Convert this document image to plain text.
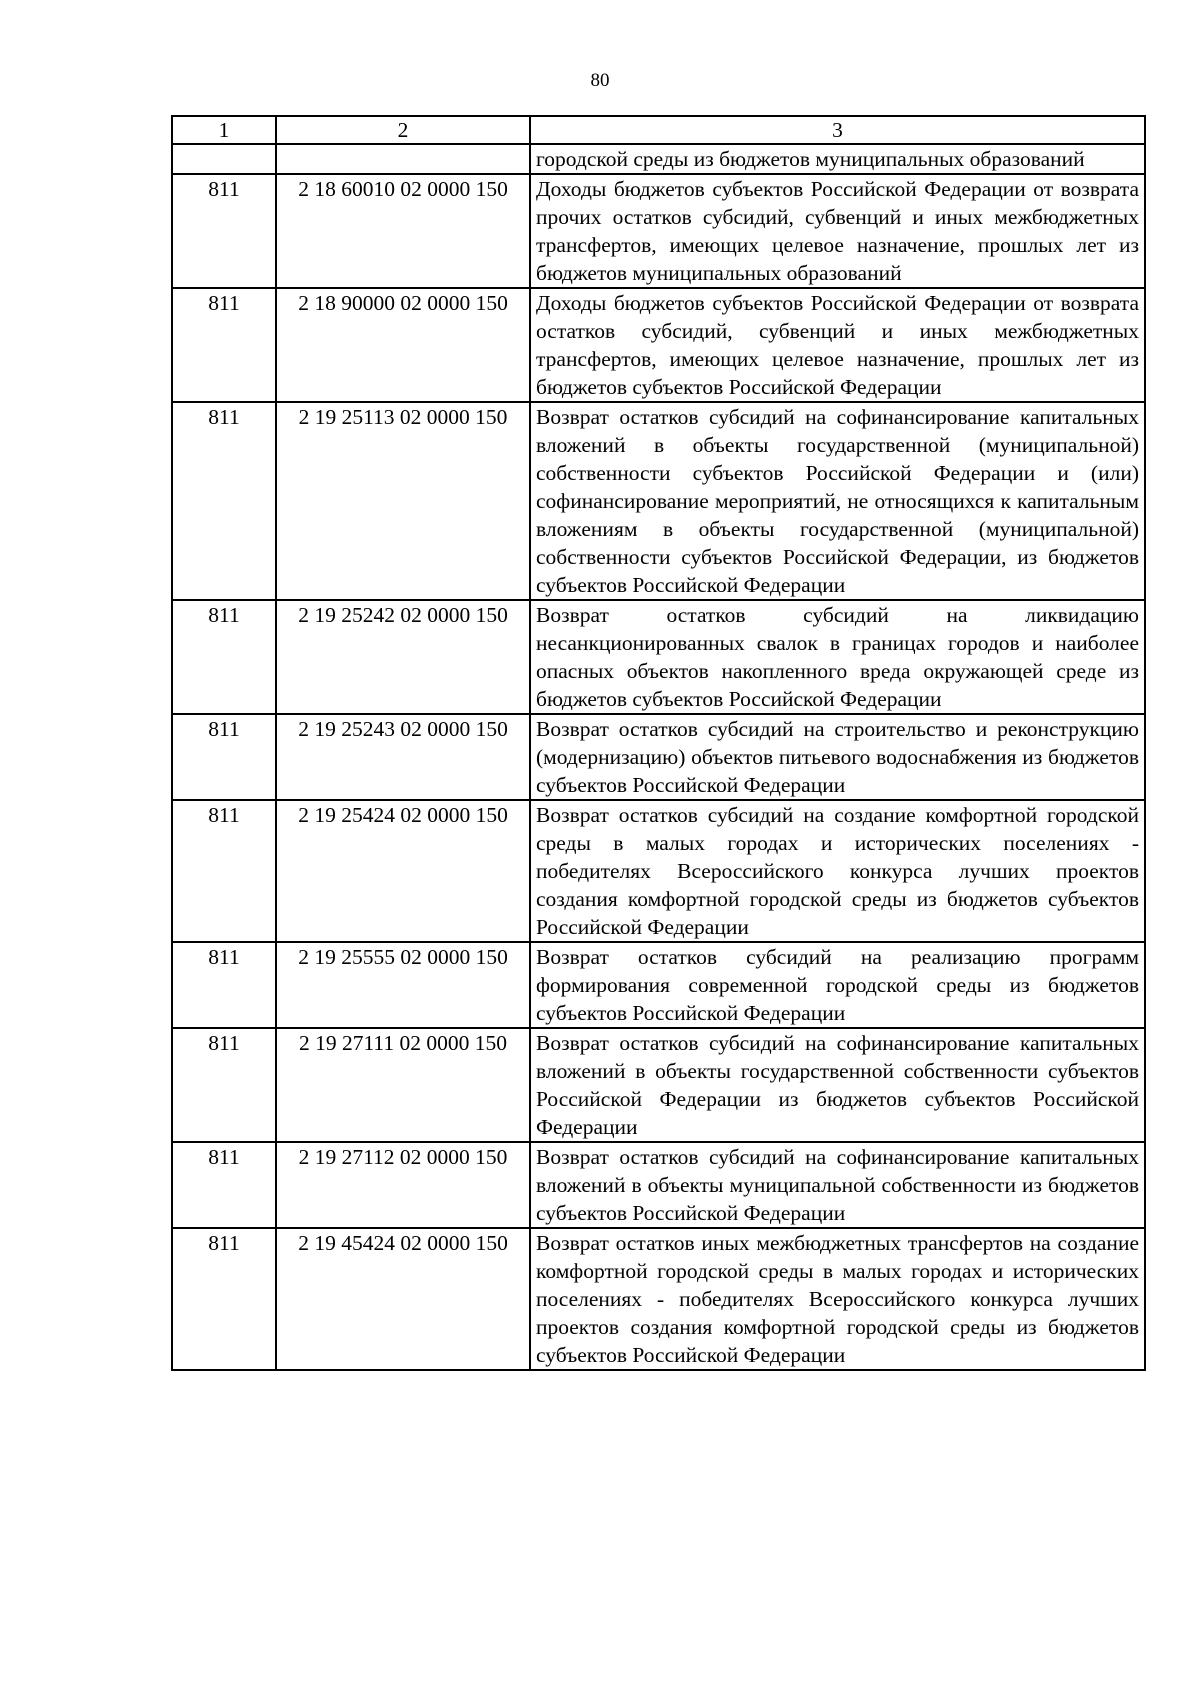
80
1	2	3
		городской среды из бюджетов муниципальных образований
811	2 18 60010 02 0000 150	Доходы бюджетов субъектов Российской Федерации от возврата прочих остатков субсидий, субвенций и иных межбюджетных трансфертов, имеющих целевое назначение, прошлых лет из бюджетов муниципальных образований
811	2 18 90000 02 0000 150	Доходы бюджетов субъектов Российской Федерации от возврата остатков субсидий, субвенций и иных межбюджетных трансфертов, имеющих целевое назначение, прошлых лет из бюджетов субъектов Российской Федерации
811	2 19 25113 02 0000 150	Возврат остатков субсидий на софинансирование капитальных вложений в объекты государственной (муниципальной) собственности субъектов Российской Федерации и (или) софинансирование мероприятий, не относящихся к капитальным вложениям в объекты государственной (муниципальной) собственности субъектов Российской Федерации, из бюджетов субъектов Российской Федерации
811	2 19 25242 02 0000 150	Возврат остатков субсидий на ликвидацию несанкционированных свалок в границах городов и наиболее опасных объектов накопленного вреда окружающей среде из бюджетов субъектов Российской Федерации
811	2 19 25243 02 0000 150	Возврат остатков субсидий на строительство и реконструкцию (модернизацию) объектов питьевого водоснабжения из бюджетов субъектов Российской Федерации
811	2 19 25424 02 0000 150	Возврат остатков субсидий на создание комфортной городской среды в малых городах и исторических поселениях - победителях Всероссийского конкурса лучших проектов создания комфортной городской среды из бюджетов субъектов Российской Федерации
811	2 19 25555 02 0000 150	Возврат остатков субсидий на реализацию программ формирования современной городской среды из бюджетов субъектов Российской Федерации
811	2 19 27111 02 0000 150	Возврат остатков субсидий на софинансирование капитальных вложений в объекты государственной собственности субъектов Российской Федерации из бюджетов субъектов Российской Федерации
811	2 19 27112 02 0000 150	Возврат остатков субсидий на софинансирование капитальных вложений в объекты муниципальной собственности из бюджетов субъектов Российской Федерации
811	2 19 45424 02 0000 150	Возврат остатков иных межбюджетных трансфертов на создание комфортной городской среды в малых городах и исторических поселениях - победителях Всероссийского конкурса лучших проектов создания комфортной городской среды из бюджетов субъектов Российской Федерации
